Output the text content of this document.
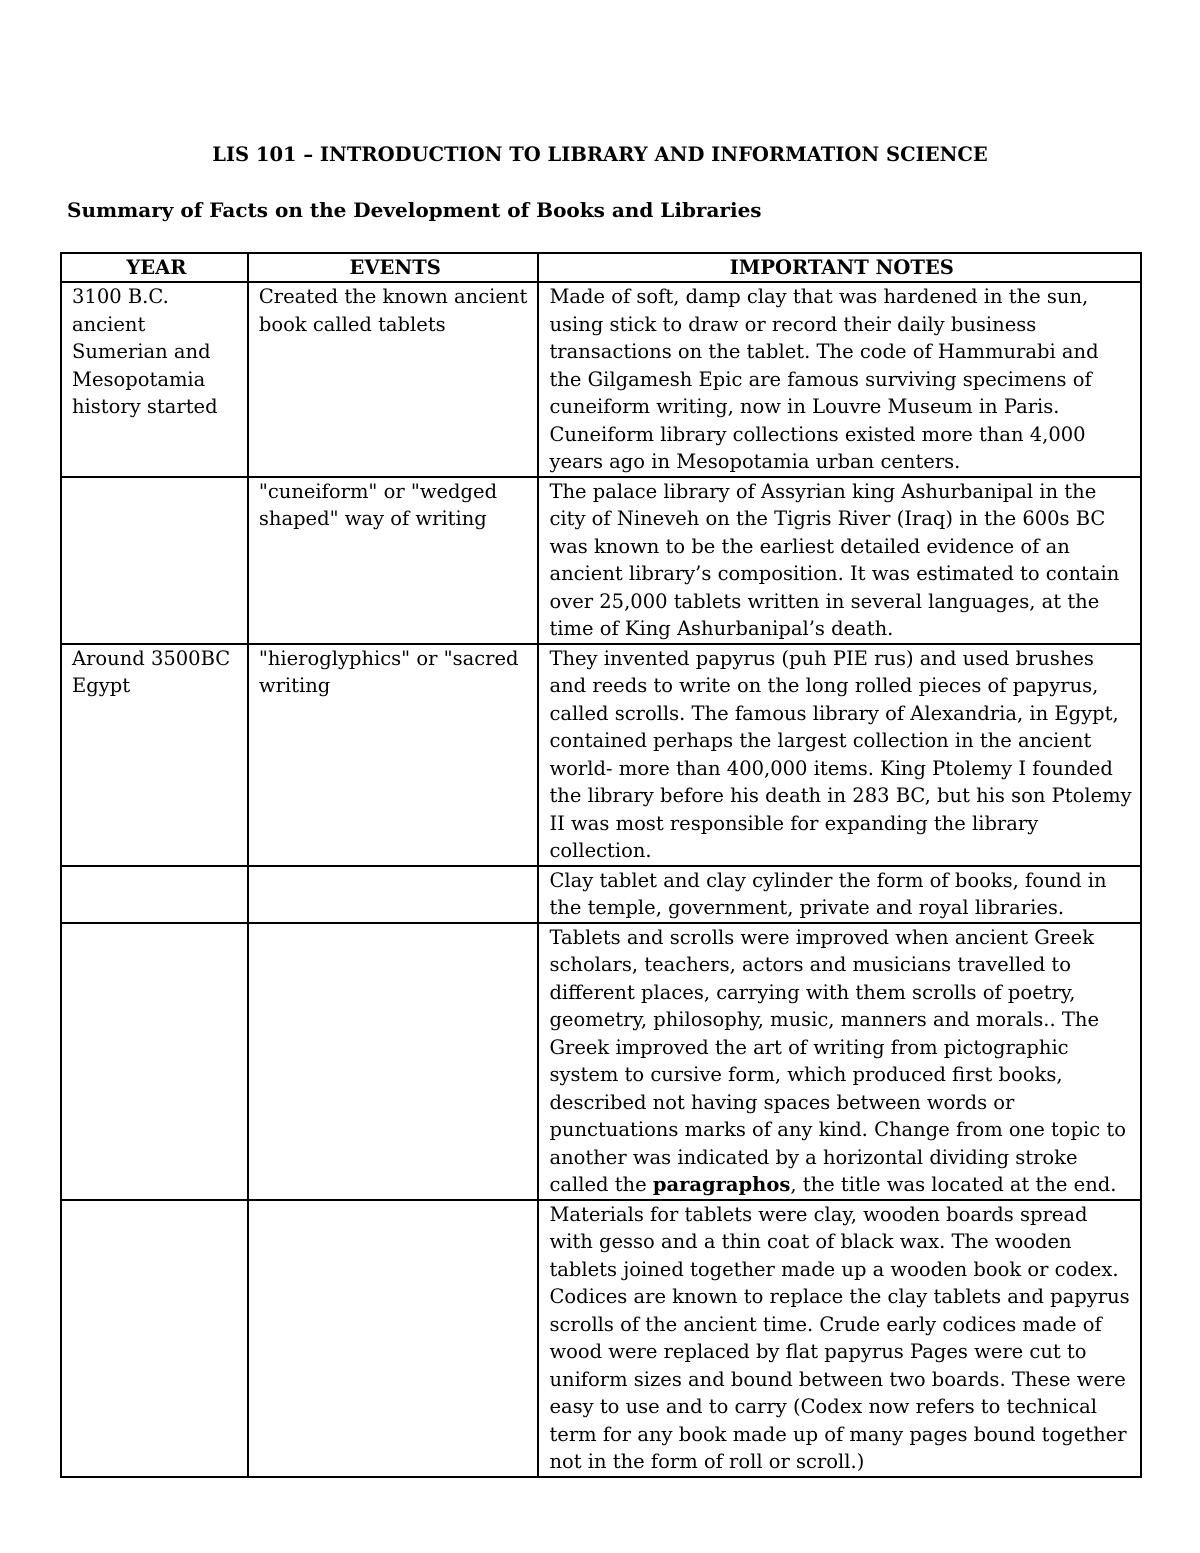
LIS 101 – INTRODUCTION TO LIBRARY AND INFORMATION SCIENCE
Summary of Facts on the Development of Books and Libraries
YEAR	EVENTS	IMPORTANT NOTES
3100 B.C. ancient Sumerian and Mesopotamia history started	Created the known ancient book called tablets	Made of soft, damp clay that was hardened in the sun, using stick to draw or record their daily business transactions on the tablet. The code of Hammurabi and the Gilgamesh Epic are famous surviving specimens of cuneiform writing, now in Louvre Museum in Paris. Cuneiform library collections existed more than 4,000 years ago in Mesopotamia urban centers.
	"cuneiform" or "wedged shaped" way of writing	The palace library of Assyrian king Ashurbanipal in the city of Nineveh on the Tigris River (Iraq) in the 600s BC was known to be the earliest detailed evidence of an ancient library’s composition. It was estimated to contain over 25,000 tablets written in several languages, at the time of King Ashurbanipal’s death.
Around 3500BC Egypt	"hieroglyphics" or "sacred writing	They invented papyrus (puh PIE rus) and used brushes and reeds to write on the long rolled pieces of papyrus, called scrolls. The famous library of Alexandria, in Egypt, contained perhaps the largest collection in the ancient world- more than 400,000 items. King Ptolemy I founded the library before his death in 283 BC, but his son Ptolemy II was most responsible for expanding the library collection.
		Clay tablet and clay cylinder the form of books, found in the temple, government, private and royal libraries.
		Tablets and scrolls were improved when ancient Greek scholars, teachers, actors and musicians travelled to different places, carrying with them scrolls of poetry, geometry, philosophy, music, manners and morals.. The Greek improved the art of writing from pictographic system to cursive form, which produced first books, described not having spaces between words or punctuations marks of any kind. Change from one topic to another was indicated by a horizontal dividing stroke called the paragraphos, the title was located at the end.
		Materials for tablets were clay, wooden boards spread with gesso and a thin coat of black wax. The wooden tablets joined together made up a wooden book or codex. Codices are known to replace the clay tablets and papyrus scrolls of the ancient time. Crude early codices made of wood were replaced by flat papyrus Pages were cut to uniform sizes and bound between two boards. These were easy to use and to carry (Codex now refers to technical term for any book made up of many pages bound together not in the form of roll or scroll.)
